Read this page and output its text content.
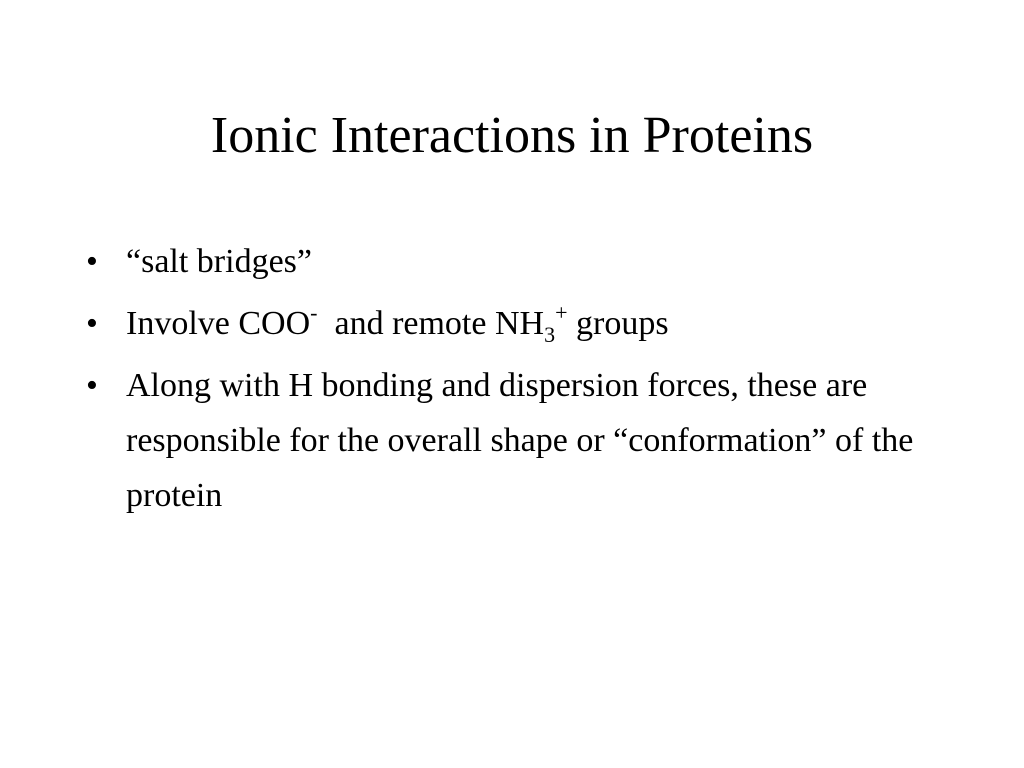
Ionic Interactions in Proteins
• “salt bridges”
• Involve COO-  and remote $NH_3^+$ groups
• Along with H bonding and dispersion forces, these are responsible for the overall shape or “conformation” of the protein
